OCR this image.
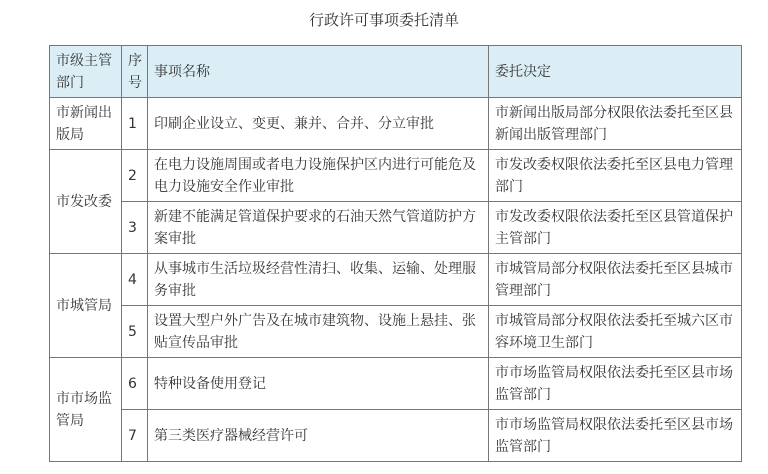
行政许可事项委托清单
市级主管部门	序号	事项名称	委托决定
市新闻出版局	1	印刷企业设立、变更、兼并、合并、分立审批	市新闻出版局部分权限依法委托至区县新闻出版管理部门
市发改委	2	在电力设施周围或者电力设施保护区内进行可能危及电力设施安全作业审批	市发改委权限依法委托至区县电力管理部门
	3	新建不能满足管道保护要求的石油天然气管道防护方案审批	市发改委权限依法委托至区县管道保护主管部门
市城管局	4	从事城市生活垃圾经营性清扫、收集、运输、处理服务审批	市城管局部分权限依法委托至区县城市管理部门
	5	设置大型户外广告及在城市建筑物、设施上悬挂、张贴宣传品审批	市城管局部分权限依法委托至城六区市容环境卫生部门
市市场监管局	6	特种设备使用登记	市市场监管局权限依法委托至区县市场监管部门
	7	第三类医疗器械经营许可	市市场监管局权限依法委托至区县市场监管部门
